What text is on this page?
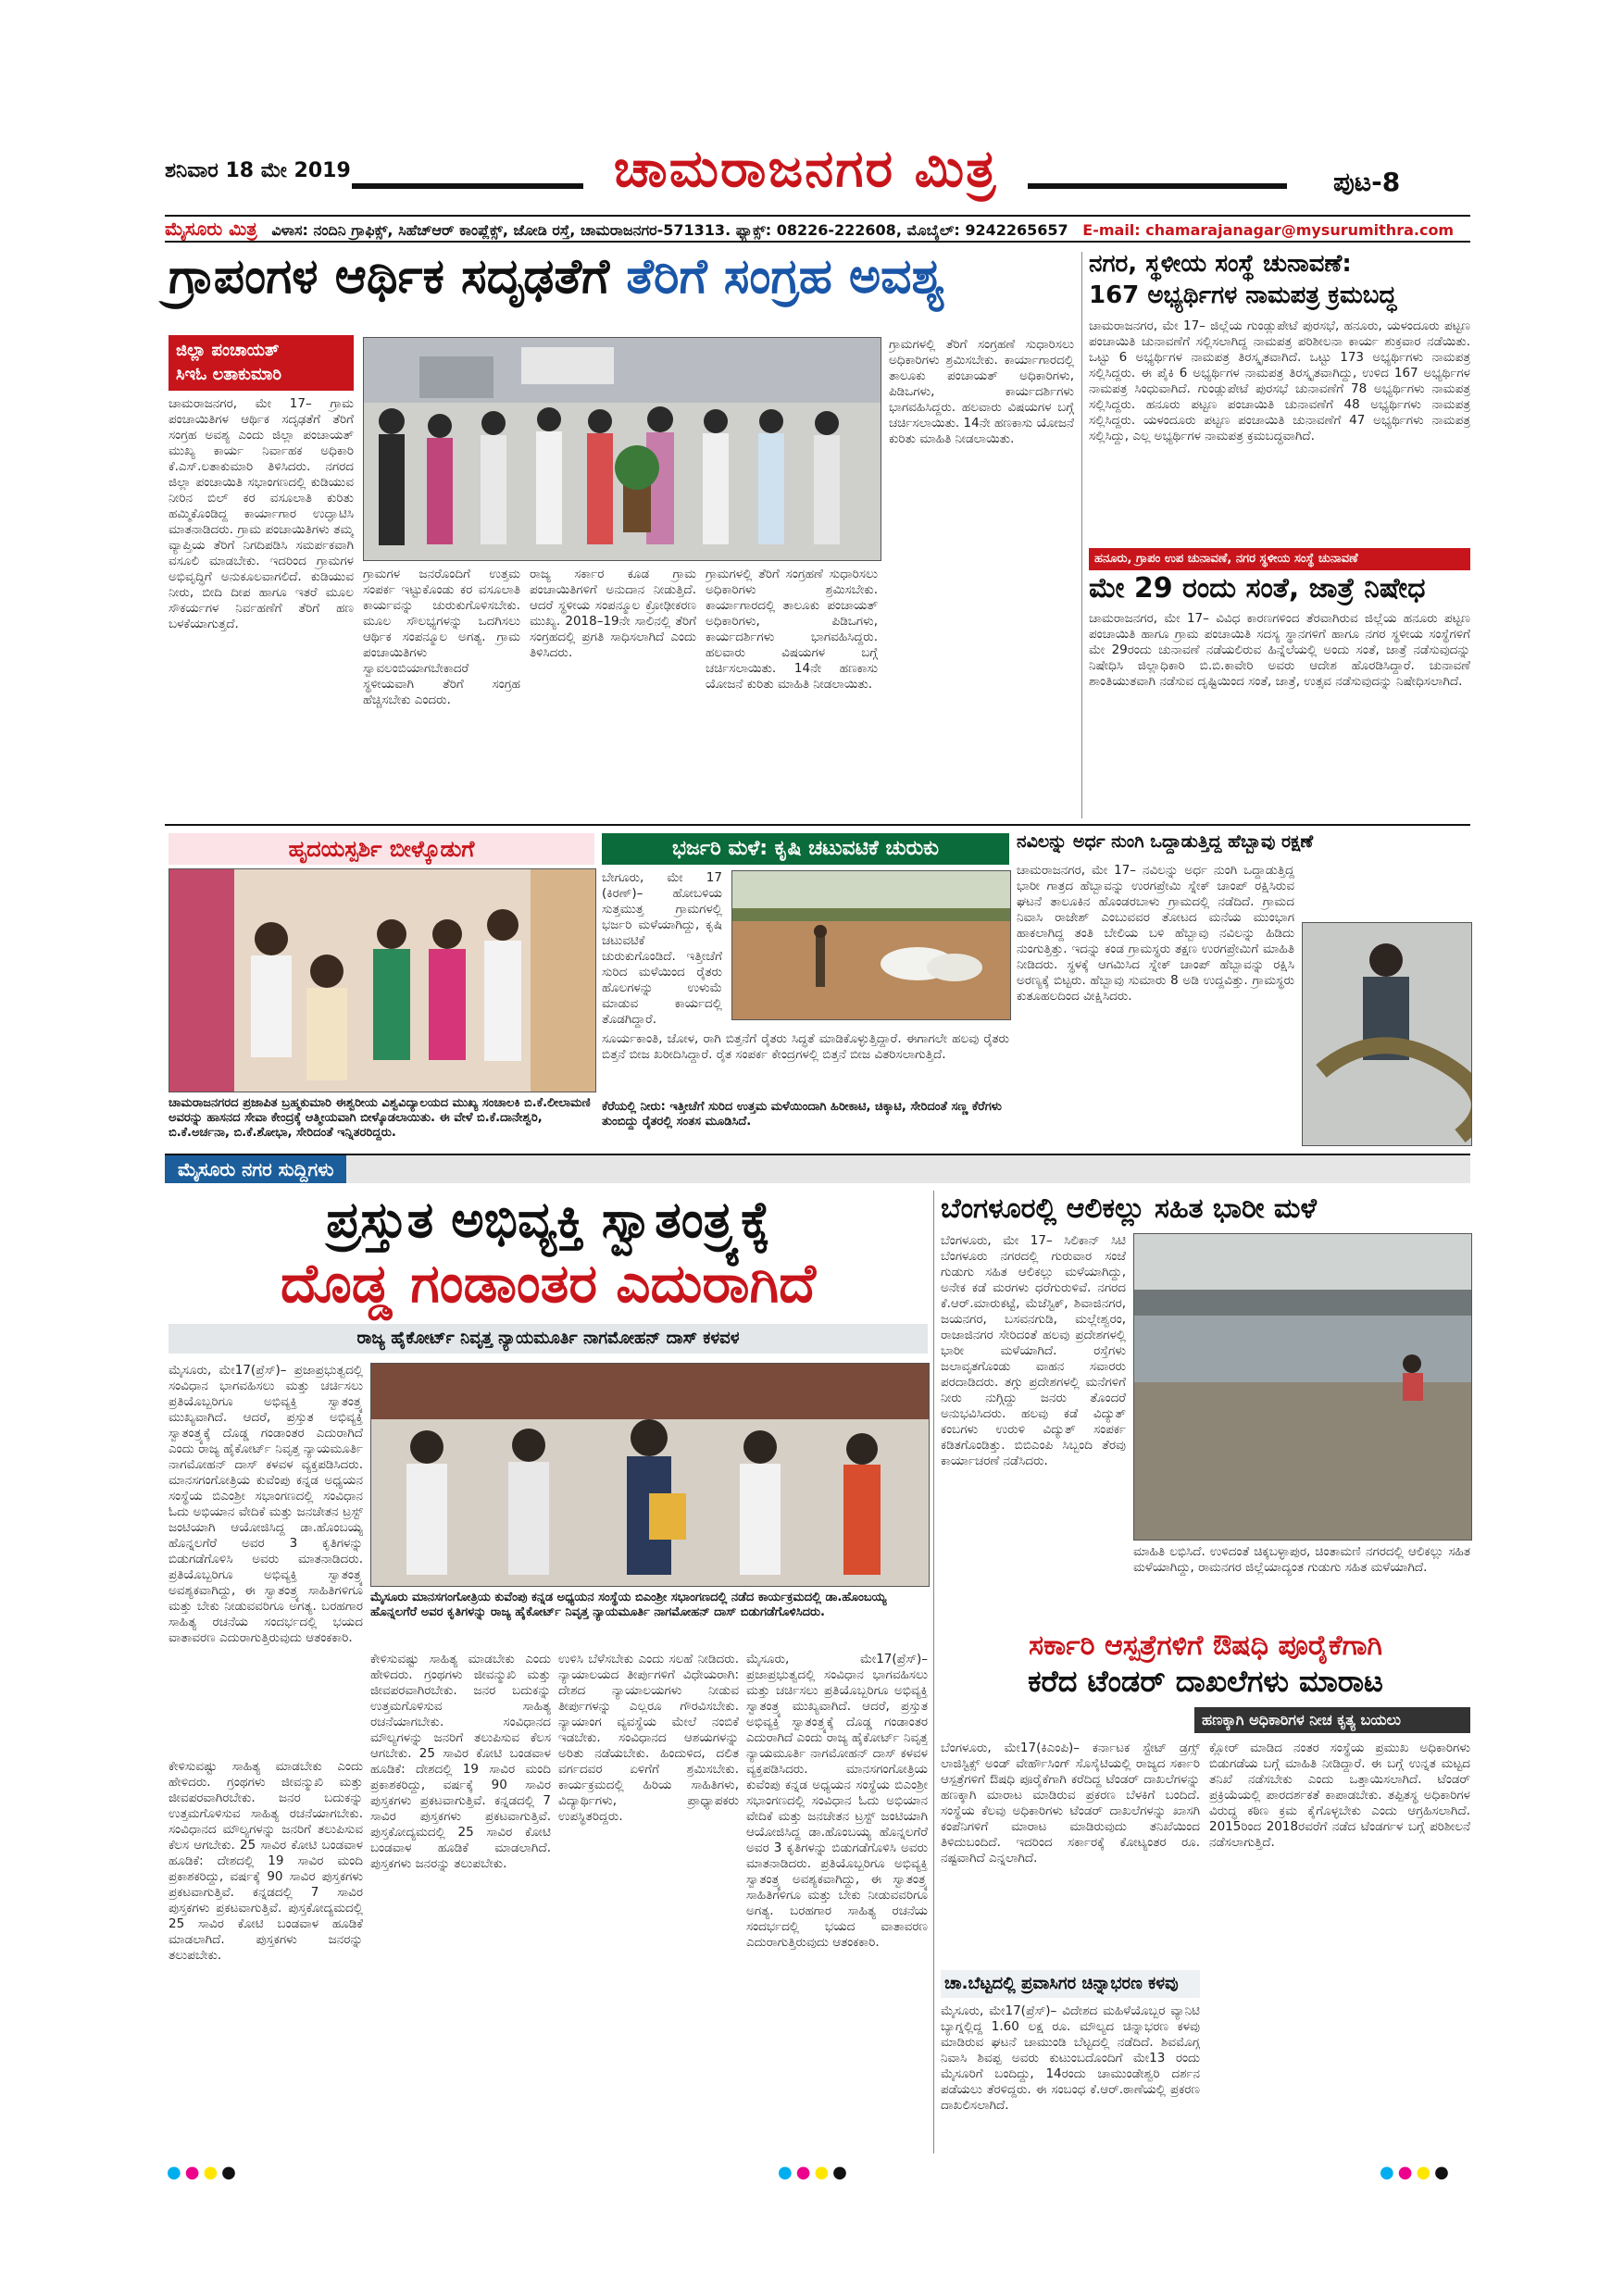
ಶನಿವಾರ 18 ಮೇ 2019	ಚಾಮರಾಜನಗರ ಮಿತ್ರ	ಪುಟ-8
ಮೈಸೂರು ಮಿತ್ರ ವಿಳಾಸ: ನಂದಿನಿ ಗ್ರಾಫಿಕ್ಸ್, ಸಿಹೆಚ್ಆರ್ ಕಾಂಪ್ಲೆಕ್ಸ್, ಜೋಡಿ ರಸ್ತೆ, ಚಾಮರಾಜನಗರ-571313. ಫ್ಯಾಕ್ಸ್: 08226-222608, ಮೊಬೈಲ್: 9242265657 E-mail: chamarajanagar@mysurumithra.com
ಗ್ರಾಪಂಗಳ ಆರ್ಥಿಕ ಸದೃಢತೆಗೆ ತೆರಿಗೆ ಸಂಗ್ರಹ ಅವಶ್ಯ
ಜಿಲ್ಲಾ ಪಂಚಾಯತ್
ಸಿಇಓ ಲತಾಕುಮಾರಿ
ಚಾಮರಾಜನಗರ, ಮೇ 17– ಗ್ರಾಮ ಪಂಚಾಯಿತಿಗಳ ಆರ್ಥಿಕ ಸದೃಢತೆಗೆ ತೆರಿಗೆ ಸಂಗ್ರಹ ಅವಶ್ಯ ಎಂದು ಜಿಲ್ಲಾ ಪಂಚಾಯತ್ ಮುಖ್ಯ ಕಾರ್ಯ ನಿರ್ವಾಹಕ ಅಧಿಕಾರಿ ಕೆ.ಎಸ್.ಲತಾಕುಮಾರಿ ತಿಳಿಸಿದರು. ನಗರದ ಜಿಲ್ಲಾ ಪಂಚಾಯಿತಿ ಸಭಾಂಗಣದಲ್ಲಿ ಕುಡಿಯುವ ನೀರಿನ ಬಿಲ್ ಕರ ವಸೂಲಾತಿ ಕುರಿತು ಹಮ್ಮಿಕೊಂಡಿದ್ದ ಕಾರ್ಯಾಗಾರ ಉದ್ಘಾಟಿಸಿ ಮಾತನಾಡಿದರು. ಗ್ರಾಮ ಪಂಚಾಯಿತಿಗಳು ತಮ್ಮ ವ್ಯಾಪ್ತಿಯ ತೆರಿಗೆ ನಿಗದಿಪಡಿಸಿ ಸಮರ್ಪಕವಾಗಿ ವಸೂಲಿ ಮಾಡಬೇಕು. ಇದರಿಂದ ಗ್ರಾಮಗಳ ಅಭಿವೃದ್ಧಿಗೆ ಅನುಕೂಲವಾಗಲಿದೆ. ಕುಡಿಯುವ ನೀರು, ಬೀದಿ ದೀಪ ಹಾಗೂ ಇತರೆ ಮೂಲ ಸೌಕರ್ಯಗಳ ನಿರ್ವಹಣೆಗೆ ತೆರಿಗೆ ಹಣ ಬಳಕೆಯಾಗುತ್ತದೆ.
ಗ್ರಾಮಗಳ ಜನರೊಂದಿಗೆ ಉತ್ತಮ ಸಂಪರ್ಕ ಇಟ್ಟುಕೊಂಡು ಕರ ವಸೂಲಾತಿ ಕಾರ್ಯವನ್ನು ಚುರುಕುಗೊಳಿಸಬೇಕು. ಮೂಲ ಸೌಲಭ್ಯಗಳನ್ನು ಒದಗಿಸಲು ಆರ್ಥಿಕ ಸಂಪನ್ಮೂಲ ಅಗತ್ಯ. ಗ್ರಾಮ ಪಂಚಾಯಿತಿಗಳು ಸ್ವಾವಲಂಬಿಯಾಗಬೇಕಾದರೆ ಸ್ಥಳೀಯವಾಗಿ ತೆರಿಗೆ ಸಂಗ್ರಹ ಹೆಚ್ಚಿಸಬೇಕು ಎಂದರು.
ರಾಜ್ಯ ಸರ್ಕಾರ ಕೂಡ ಗ್ರಾಮ ಪಂಚಾಯಿತಿಗಳಿಗೆ ಅನುದಾನ ನೀಡುತ್ತಿದೆ. ಆದರೆ ಸ್ಥಳೀಯ ಸಂಪನ್ಮೂಲ ಕ್ರೋಢೀಕರಣ ಮುಖ್ಯ. 2018–19ನೇ ಸಾಲಿನಲ್ಲಿ ತೆರಿಗೆ ಸಂಗ್ರಹದಲ್ಲಿ ಪ್ರಗತಿ ಸಾಧಿಸಲಾಗಿದೆ ಎಂದು ತಿಳಿಸಿದರು.
ಗ್ರಾಮಗಳಲ್ಲಿ ತೆರಿಗೆ ಸಂಗ್ರಹಣೆ ಸುಧಾರಿಸಲು ಅಧಿಕಾರಿಗಳು ಶ್ರಮಿಸಬೇಕು. ಕಾರ್ಯಾಗಾರದಲ್ಲಿ ತಾಲೂಕು ಪಂಚಾಯತ್ ಅಧಿಕಾರಿಗಳು, ಪಿಡಿಒಗಳು, ಕಾರ್ಯದರ್ಶಿಗಳು ಭಾಗವಹಿಸಿದ್ದರು. ಹಲವಾರು ವಿಷಯಗಳ ಬಗ್ಗೆ ಚರ್ಚಿಸಲಾಯಿತು. 14ನೇ ಹಣಕಾಸು ಯೋಜನೆ ಕುರಿತು ಮಾಹಿತಿ ನೀಡಲಾಯಿತು.
ಗ್ರಾಮಗಳಲ್ಲಿ ತೆರಿಗೆ ಸಂಗ್ರಹಣೆ ಸುಧಾರಿಸಲು ಅಧಿಕಾರಿಗಳು ಶ್ರಮಿಸಬೇಕು. ಕಾರ್ಯಾಗಾರದಲ್ಲಿ ತಾಲೂಕು ಪಂಚಾಯತ್ ಅಧಿಕಾರಿಗಳು, ಪಿಡಿಒಗಳು, ಕಾರ್ಯದರ್ಶಿಗಳು ಭಾಗವಹಿಸಿದ್ದರು. ಹಲವಾರು ವಿಷಯಗಳ ಬಗ್ಗೆ ಚರ್ಚಿಸಲಾಯಿತು. 14ನೇ ಹಣಕಾಸು ಯೋಜನೆ ಕುರಿತು ಮಾಹಿತಿ ನೀಡಲಾಯಿತು.
ನಗರ, ಸ್ಥಳೀಯ ಸಂಸ್ಥೆ ಚುನಾವಣೆ:
167 ಅಭ್ಯರ್ಥಿಗಳ ನಾಮಪತ್ರ ಕ್ರಮಬದ್ಧ
ಚಾಮರಾಜನಗರ, ಮೇ 17– ಜಿಲ್ಲೆಯ ಗುಂಡ್ಲುಪೇಟೆ ಪುರಸಭೆ, ಹನೂರು, ಯಳಂದೂರು ಪಟ್ಟಣ ಪಂಚಾಯಿತಿ ಚುನಾವಣೆಗೆ ಸಲ್ಲಿಸಲಾಗಿದ್ದ ನಾಮಪತ್ರ ಪರಿಶೀಲನಾ ಕಾರ್ಯ ಶುಕ್ರವಾರ ನಡೆಯಿತು. ಒಟ್ಟು 6 ಅಭ್ಯರ್ಥಿಗಳ ನಾಮಪತ್ರ ತಿರಸ್ಕೃತವಾಗಿದೆ. ಒಟ್ಟು 173 ಅಭ್ಯರ್ಥಿಗಳು ನಾಮಪತ್ರ ಸಲ್ಲಿಸಿದ್ದರು. ಈ ಪೈಕಿ 6 ಅಭ್ಯರ್ಥಿಗಳ ನಾಮಪತ್ರ ತಿರಸ್ಕೃತವಾಗಿದ್ದು, ಉಳಿದ 167 ಅಭ್ಯರ್ಥಿಗಳ ನಾಮಪತ್ರ ಸಿಂಧುವಾಗಿದೆ. ಗುಂಡ್ಲುಪೇಟೆ ಪುರಸಭೆ ಚುನಾವಣೆಗೆ 78 ಅಭ್ಯರ್ಥಿಗಳು ನಾಮಪತ್ರ ಸಲ್ಲಿಸಿದ್ದರು. ಹನೂರು ಪಟ್ಟಣ ಪಂಚಾಯಿತಿ ಚುನಾವಣೆಗೆ 48 ಅಭ್ಯರ್ಥಿಗಳು ನಾಮಪತ್ರ ಸಲ್ಲಿಸಿದ್ದರು. ಯಳಂದೂರು ಪಟ್ಟಣ ಪಂಚಾಯಿತಿ ಚುನಾವಣೆಗೆ 47 ಅಭ್ಯರ್ಥಿಗಳು ನಾಮಪತ್ರ ಸಲ್ಲಿಸಿದ್ದು, ಎಲ್ಲ ಅಭ್ಯರ್ಥಿಗಳ ನಾಮಪತ್ರ ಕ್ರಮಬದ್ಧವಾಗಿದೆ.
ಹನೂರು, ಗ್ರಾಪಂ ಉಪ ಚುನಾವಣೆ, ನಗರ ಸ್ಥಳೀಯ ಸಂಸ್ಥೆ ಚುನಾವಣೆ
ಮೇ 29 ರಂದು ಸಂತೆ, ಜಾತ್ರೆ ನಿಷೇಧ
ಚಾಮರಾಜನಗರ, ಮೇ 17– ವಿವಿಧ ಕಾರಣಗಳಿಂದ ತೆರವಾಗಿರುವ ಜಿಲ್ಲೆಯ ಹನೂರು ಪಟ್ಟಣ ಪಂಚಾಯಿತಿ ಹಾಗೂ ಗ್ರಾಮ ಪಂಚಾಯಿತಿ ಸದಸ್ಯ ಸ್ಥಾನಗಳಿಗೆ ಹಾಗೂ ನಗರ ಸ್ಥಳೀಯ ಸಂಸ್ಥೆಗಳಿಗೆ ಮೇ 29ರಂದು ಚುನಾವಣೆ ನಡೆಯಲಿರುವ ಹಿನ್ನೆಲೆಯಲ್ಲಿ ಅಂದು ಸಂತೆ, ಜಾತ್ರೆ ನಡೆಸುವುದನ್ನು ನಿಷೇಧಿಸಿ ಜಿಲ್ಲಾಧಿಕಾರಿ ಬಿ.ಬಿ.ಕಾವೇರಿ ಅವರು ಆದೇಶ ಹೊರಡಿಸಿದ್ದಾರೆ. ಚುನಾವಣೆ ಶಾಂತಿಯುತವಾಗಿ ನಡೆಸುವ ದೃಷ್ಟಿಯಿಂದ ಸಂತೆ, ಜಾತ್ರೆ, ಉತ್ಸವ ನಡೆಸುವುದನ್ನು ನಿಷೇಧಿಸಲಾಗಿದೆ.
ಹೃದಯಸ್ಪರ್ಶಿ ಬೀಳ್ಕೊಡುಗೆ
ಚಾಮರಾಜನಗರದ ಪ್ರಜಾಪಿತ ಬ್ರಹ್ಮಕುಮಾರಿ ಈಶ್ವರೀಯ ವಿಶ್ವವಿದ್ಯಾಲಯದ ಮುಖ್ಯ ಸಂಚಾಲಕಿ ಬಿ.ಕೆ.ಲೀಲಾಮಣಿ ಅವರನ್ನು ಹಾಸನದ ಸೇವಾ ಕೇಂದ್ರಕ್ಕೆ ಆತ್ಮೀಯವಾಗಿ ಬೀಳ್ಕೊಡಲಾಯಿತು. ಈ ವೇಳೆ ಬಿ.ಕೆ.ದಾನೇಶ್ವರಿ, ಬಿ.ಕೆ.ಅರ್ಚನಾ, ಬಿ.ಕೆ.ಶೋಭಾ, ಸೇರಿದಂತೆ ಇನ್ನಿತರರಿದ್ದರು.
ಭರ್ಜರಿ ಮಳೆ: ಕೃಷಿ ಚಟುವಟಿಕೆ ಚುರುಕು
ಬೇಗೂರು, ಮೇ 17 (ಕಿರಣ್)– ಹೋಬಳಿಯ ಸುತ್ತಮುತ್ತ ಗ್ರಾಮಗಳಲ್ಲಿ ಭರ್ಜರಿ ಮಳೆಯಾಗಿದ್ದು, ಕೃಷಿ ಚಟುವಟಿಕೆ ಚುರುಕುಗೊಂಡಿದೆ. ಇತ್ತೀಚೆಗೆ ಸುರಿದ ಮಳೆಯಿಂದ ರೈತರು ಹೊಲಗಳನ್ನು ಉಳುಮೆ ಮಾಡುವ ಕಾರ್ಯದಲ್ಲಿ ತೊಡಗಿದ್ದಾರೆ.
ಸೂರ್ಯಕಾಂತಿ, ಜೋಳ, ರಾಗಿ ಬಿತ್ತನೆಗೆ ರೈತರು ಸಿದ್ಧತೆ ಮಾಡಿಕೊಳ್ಳುತ್ತಿದ್ದಾರೆ. ಈಗಾಗಲೇ ಹಲವು ರೈತರು ಬಿತ್ತನೆ ಬೀಜ ಖರೀದಿಸಿದ್ದಾರೆ. ರೈತ ಸಂಪರ್ಕ ಕೇಂದ್ರಗಳಲ್ಲಿ ಬಿತ್ತನೆ ಬೀಜ ವಿತರಿಸಲಾಗುತ್ತಿದೆ.
ಕೆರೆಯಲ್ಲಿ ನೀರು: ಇತ್ತೀಚೆಗೆ ಸುರಿದ ಉತ್ತಮ ಮಳೆಯಿಂದಾಗಿ ಹಿರೀಕಾಟಿ, ಚಿಕ್ಕಾಟಿ, ಸೇರಿದಂತೆ ಸಣ್ಣ ಕೆರೆಗಳು ತುಂಬಿದ್ದು ರೈತರಲ್ಲಿ ಸಂತಸ ಮೂಡಿಸಿದೆ.
ನವಿಲನ್ನು ಅರ್ಧ ನುಂಗಿ ಒದ್ದಾಡುತ್ತಿದ್ದ ಹೆಬ್ಬಾವು ರಕ್ಷಣೆ
ಚಾಮರಾಜನಗರ, ಮೇ 17– ನವಿಲನ್ನು ಅರ್ಧ ನುಂಗಿ ಒದ್ದಾಡುತ್ತಿದ್ದ ಭಾರೀ ಗಾತ್ರದ ಹೆಬ್ಬಾವನ್ನು ಉರಗಪ್ರೇಮಿ ಸ್ನೇಕ್ ಚಾಂಪ್ ರಕ್ಷಿಸಿರುವ ಘಟನೆ ತಾಲೂಕಿನ ಹೊಂಡರಬಾಳು ಗ್ರಾಮದಲ್ಲಿ ನಡೆದಿದೆ. ಗ್ರಾಮದ ನಿವಾಸಿ ರಾಜೇಶ್ ಎಂಬುವವರ ತೋಟದ ಮನೆಯ ಮುಂಭಾಗ ಹಾಕಲಾಗಿದ್ದ ತಂತಿ ಬೇಲಿಯ ಬಳಿ ಹೆಬ್ಬಾವು ನವಿಲನ್ನು ಹಿಡಿದು ನುಂಗುತ್ತಿತ್ತು. ಇದನ್ನು ಕಂಡ ಗ್ರಾಮಸ್ಥರು ತಕ್ಷಣ ಉರಗಪ್ರೇಮಿಗೆ ಮಾಹಿತಿ ನೀಡಿದರು. ಸ್ಥಳಕ್ಕೆ ಆಗಮಿಸಿದ ಸ್ನೇಕ್ ಚಾಂಪ್ ಹೆಬ್ಬಾವನ್ನು ರಕ್ಷಿಸಿ ಅರಣ್ಯಕ್ಕೆ ಬಿಟ್ಟರು. ಹೆಬ್ಬಾವು ಸುಮಾರು 8 ಅಡಿ ಉದ್ದವಿತ್ತು. ಗ್ರಾಮಸ್ಥರು ಕುತೂಹಲದಿಂದ ವೀಕ್ಷಿಸಿದರು.
ಮೈಸೂರು ನಗರ ಸುದ್ದಿಗಳು
ಪ್ರಸ್ತುತ ಅಭಿವ್ಯಕ್ತಿ ಸ್ವಾತಂತ್ರ್ಯಕ್ಕೆ
ದೊಡ್ಡ ಗಂಡಾಂತರ ಎದುರಾಗಿದೆ
ರಾಜ್ಯ ಹೈಕೋರ್ಟ್ ನಿವೃತ್ತ ನ್ಯಾಯಮೂರ್ತಿ ನಾಗಮೋಹನ್ ದಾಸ್ ಕಳವಳ
ಮೈಸೂರು, ಮೇ17(ಪ್ರೆಸ್)– ಪ್ರಜಾಪ್ರಭುತ್ವದಲ್ಲಿ ಸಂವಿಧಾನ ಭಾಗವಹಿಸಲು ಮತ್ತು ಚರ್ಚಿಸಲು ಪ್ರತಿಯೊಬ್ಬರಿಗೂ ಅಭಿವ್ಯಕ್ತಿ ಸ್ವಾತಂತ್ರ್ಯ ಮುಖ್ಯವಾಗಿದೆ. ಆದರೆ, ಪ್ರಸ್ತುತ ಅಭಿವ್ಯಕ್ತಿ ಸ್ವಾತಂತ್ರ್ಯಕ್ಕೆ ದೊಡ್ಡ ಗಂಡಾಂತರ ಎದುರಾಗಿದೆ ಎಂದು ರಾಜ್ಯ ಹೈಕೋರ್ಟ್ ನಿವೃತ್ತ ನ್ಯಾಯಮೂರ್ತಿ ನಾಗಮೋಹನ್ ದಾಸ್ ಕಳವಳ ವ್ಯಕ್ತಪಡಿಸಿದರು. ಮಾನಸಗಂಗೋತ್ರಿಯ ಕುವೆಂಪು ಕನ್ನಡ ಅಧ್ಯಯನ ಸಂಸ್ಥೆಯ ಬಿಎಂಶ್ರೀ ಸಭಾಂಗಣದಲ್ಲಿ ಸಂವಿಧಾನ ಓದು ಅಭಿಯಾನ ವೇದಿಕೆ ಮತ್ತು ಜನಚೇತನ ಟ್ರಸ್ಟ್ ಜಂಟಿಯಾಗಿ ಆಯೋಜಿಸಿದ್ದ ಡಾ.ಹೊಂಬಯ್ಯ ಹೊನ್ನಲಗೆರೆ ಅವರ 3 ಕೃತಿಗಳನ್ನು ಬಿಡುಗಡೆಗೊಳಿಸಿ ಅವರು ಮಾತನಾಡಿದರು. ಪ್ರತಿಯೊಬ್ಬರಿಗೂ ಅಭಿವ್ಯಕ್ತಿ ಸ್ವಾತಂತ್ರ್ಯ ಅವಶ್ಯಕವಾಗಿದ್ದು, ಈ ಸ್ವಾತಂತ್ರ್ಯ ಸಾಹಿತಿಗಳಿಗೂ ಮತ್ತು ಬೇಕು ನೀಡುವವರಿಗೂ ಅಗತ್ಯ. ಬರಹಗಾರ ಸಾಹಿತ್ಯ ರಚನೆಯ ಸಂದರ್ಭದಲ್ಲಿ ಭಯದ ವಾತಾವರಣ ಎದುರಾಗುತ್ತಿರುವುದು ಆತಂಕಕಾರಿ.
ಮೈಸೂರು ಮಾನಸಗಂಗೋತ್ರಿಯ ಕುವೆಂಪು ಕನ್ನಡ ಅಧ್ಯಯನ ಸಂಸ್ಥೆಯ ಬಿಎಂಶ್ರೀ ಸಭಾಂಗಣದಲ್ಲಿ ನಡೆದ ಕಾರ್ಯಕ್ರಮದಲ್ಲಿ ಡಾ.ಹೊಂಬಯ್ಯ ಹೊನ್ನಲಗೆರೆ ಅವರ ಕೃತಿಗಳನ್ನು ರಾಜ್ಯ ಹೈಕೋರ್ಟ್ ನಿವೃತ್ತ ನ್ಯಾಯಮೂರ್ತಿ ನಾಗಮೋಹನ್ ದಾಸ್ ಬಿಡುಗಡೆಗೊಳಿಸಿದರು.
ಕೇಳಿಸುವಷ್ಟು ಸಾಹಿತ್ಯ ಮಾಡಬೇಕು ಎಂದು ಹೇಳಿದರು. ಗ್ರಂಥಗಳು ಜೀವನ್ಮುಖಿ ಮತ್ತು ಜೀವಪರವಾಗಿರಬೇಕು. ಜನರ ಬದುಕನ್ನು ಉತ್ತಮಗೊಳಿಸುವ ಸಾಹಿತ್ಯ ರಚನೆಯಾಗಬೇಕು. ಸಂವಿಧಾನದ ಮೌಲ್ಯಗಳನ್ನು ಜನರಿಗೆ ತಲುಪಿಸುವ ಕೆಲಸ ಆಗಬೇಕು. 25 ಸಾವಿರ ಕೋಟಿ ಬಂಡವಾಳ ಹೂಡಿಕೆ: ದೇಶದಲ್ಲಿ 19 ಸಾವಿರ ಮಂದಿ ಪ್ರಕಾಶಕರಿದ್ದು, ವರ್ಷಕ್ಕೆ 90 ಸಾವಿರ ಪುಸ್ತಕಗಳು ಪ್ರಕಟವಾಗುತ್ತಿವೆ. ಕನ್ನಡದಲ್ಲಿ 7 ಸಾವಿರ ಪುಸ್ತಕಗಳು ಪ್ರಕಟವಾಗುತ್ತಿವೆ. ಪುಸ್ತಕೋದ್ಯಮದಲ್ಲಿ 25 ಸಾವಿರ ಕೋಟಿ ಬಂಡವಾಳ ಹೂಡಿಕೆ ಮಾಡಲಾಗಿದೆ. ಪುಸ್ತಕಗಳು ಜನರನ್ನು ತಲುಪಬೇಕು.
ಉಳಿಸಿ ಬೆಳೆಸಬೇಕು ಎಂದು ಸಲಹೆ ನೀಡಿದರು. ನ್ಯಾಯಾಲಯದ ತೀರ್ಪುಗಳಿಗೆ ವಿಧೇಯರಾಗಿ: ದೇಶದ ನ್ಯಾಯಾಲಯಗಳು ನೀಡುವ ತೀರ್ಪುಗಳನ್ನು ಎಲ್ಲರೂ ಗೌರವಿಸಬೇಕು. ನ್ಯಾಯಾಂಗ ವ್ಯವಸ್ಥೆಯ ಮೇಲೆ ನಂಬಿಕೆ ಇಡಬೇಕು. ಸಂವಿಧಾನದ ಆಶಯಗಳನ್ನು ಅರಿತು ನಡೆಯಬೇಕು. ಹಿಂದುಳಿದ, ದಲಿತ ವರ್ಗದವರ ಏಳಿಗೆಗೆ ಶ್ರಮಿಸಬೇಕು. ಕಾರ್ಯಕ್ರಮದಲ್ಲಿ ಹಿರಿಯ ಸಾಹಿತಿಗಳು, ವಿದ್ಯಾರ್ಥಿಗಳು, ಪ್ರಾಧ್ಯಾಪಕರು ಉಪಸ್ಥಿತರಿದ್ದರು.
ಮೈಸೂರು, ಮೇ17(ಪ್ರೆಸ್)– ಪ್ರಜಾಪ್ರಭುತ್ವದಲ್ಲಿ ಸಂವಿಧಾನ ಭಾಗವಹಿಸಲು ಮತ್ತು ಚರ್ಚಿಸಲು ಪ್ರತಿಯೊಬ್ಬರಿಗೂ ಅಭಿವ್ಯಕ್ತಿ ಸ್ವಾತಂತ್ರ್ಯ ಮುಖ್ಯವಾಗಿದೆ. ಆದರೆ, ಪ್ರಸ್ತುತ ಅಭಿವ್ಯಕ್ತಿ ಸ್ವಾತಂತ್ರ್ಯಕ್ಕೆ ದೊಡ್ಡ ಗಂಡಾಂತರ ಎದುರಾಗಿದೆ ಎಂದು ರಾಜ್ಯ ಹೈಕೋರ್ಟ್ ನಿವೃತ್ತ ನ್ಯಾಯಮೂರ್ತಿ ನಾಗಮೋಹನ್ ದಾಸ್ ಕಳವಳ ವ್ಯಕ್ತಪಡಿಸಿದರು. ಮಾನಸಗಂಗೋತ್ರಿಯ ಕುವೆಂಪು ಕನ್ನಡ ಅಧ್ಯಯನ ಸಂಸ್ಥೆಯ ಬಿಎಂಶ್ರೀ ಸಭಾಂಗಣದಲ್ಲಿ ಸಂವಿಧಾನ ಓದು ಅಭಿಯಾನ ವೇದಿಕೆ ಮತ್ತು ಜನಚೇತನ ಟ್ರಸ್ಟ್ ಜಂಟಿಯಾಗಿ ಆಯೋಜಿಸಿದ್ದ ಡಾ.ಹೊಂಬಯ್ಯ ಹೊನ್ನಲಗೆರೆ ಅವರ 3 ಕೃತಿಗಳನ್ನು ಬಿಡುಗಡೆಗೊಳಿಸಿ ಅವರು ಮಾತನಾಡಿದರು. ಪ್ರತಿಯೊಬ್ಬರಿಗೂ ಅಭಿವ್ಯಕ್ತಿ ಸ್ವಾತಂತ್ರ್ಯ ಅವಶ್ಯಕವಾಗಿದ್ದು, ಈ ಸ್ವಾತಂತ್ರ್ಯ ಸಾಹಿತಿಗಳಿಗೂ ಮತ್ತು ಬೇಕು ನೀಡುವವರಿಗೂ ಅಗತ್ಯ. ಬರಹಗಾರ ಸಾಹಿತ್ಯ ರಚನೆಯ ಸಂದರ್ಭದಲ್ಲಿ ಭಯದ ವಾತಾವರಣ ಎದುರಾಗುತ್ತಿರುವುದು ಆತಂಕಕಾರಿ.
ಕೇಳಿಸುವಷ್ಟು ಸಾಹಿತ್ಯ ಮಾಡಬೇಕು ಎಂದು ಹೇಳಿದರು. ಗ್ರಂಥಗಳು ಜೀವನ್ಮುಖಿ ಮತ್ತು ಜೀವಪರವಾಗಿರಬೇಕು. ಜನರ ಬದುಕನ್ನು ಉತ್ತಮಗೊಳಿಸುವ ಸಾಹಿತ್ಯ ರಚನೆಯಾಗಬೇಕು. ಸಂವಿಧಾನದ ಮೌಲ್ಯಗಳನ್ನು ಜನರಿಗೆ ತಲುಪಿಸುವ ಕೆಲಸ ಆಗಬೇಕು. 25 ಸಾವಿರ ಕೋಟಿ ಬಂಡವಾಳ ಹೂಡಿಕೆ: ದೇಶದಲ್ಲಿ 19 ಸಾವಿರ ಮಂದಿ ಪ್ರಕಾಶಕರಿದ್ದು, ವರ್ಷಕ್ಕೆ 90 ಸಾವಿರ ಪುಸ್ತಕಗಳು ಪ್ರಕಟವಾಗುತ್ತಿವೆ. ಕನ್ನಡದಲ್ಲಿ 7 ಸಾವಿರ ಪುಸ್ತಕಗಳು ಪ್ರಕಟವಾಗುತ್ತಿವೆ. ಪುಸ್ತಕೋದ್ಯಮದಲ್ಲಿ 25 ಸಾವಿರ ಕೋಟಿ ಬಂಡವಾಳ ಹೂಡಿಕೆ ಮಾಡಲಾಗಿದೆ. ಪುಸ್ತಕಗಳು ಜನರನ್ನು ತಲುಪಬೇಕು.
ಬೆಂಗಳೂರಲ್ಲಿ ಆಲಿಕಲ್ಲು ಸಹಿತ ಭಾರೀ ಮಳೆ
ಬೆಂಗಳೂರು, ಮೇ 17– ಸಿಲಿಕಾನ್ ಸಿಟಿ ಬೆಂಗಳೂರು ನಗರದಲ್ಲಿ ಗುರುವಾರ ಸಂಜೆ ಗುಡುಗು ಸಹಿತ ಆಲಿಕಲ್ಲು ಮಳೆಯಾಗಿದ್ದು, ಅನೇಕ ಕಡೆ ಮರಗಳು ಧರೆಗುರುಳಿವೆ. ನಗರದ ಕೆ.ಆರ್.ಮಾರುಕಟ್ಟೆ, ಮೆಜೆಸ್ಟಿಕ್, ಶಿವಾಜಿನಗರ, ಜಯನಗರ, ಬಸವನಗುಡಿ, ಮಲ್ಲೇಶ್ವರಂ, ರಾಜಾಜಿನಗರ ಸೇರಿದಂತೆ ಹಲವು ಪ್ರದೇಶಗಳಲ್ಲಿ ಭಾರೀ ಮಳೆಯಾಗಿದೆ. ರಸ್ತೆಗಳು ಜಲಾವೃತಗೊಂಡು ವಾಹನ ಸವಾರರು ಪರದಾಡಿದರು. ತಗ್ಗು ಪ್ರದೇಶಗಳಲ್ಲಿ ಮನೆಗಳಿಗೆ ನೀರು ನುಗ್ಗಿದ್ದು ಜನರು ತೊಂದರೆ ಅನುಭವಿಸಿದರು. ಹಲವು ಕಡೆ ವಿದ್ಯುತ್ ಕಂಬಗಳು ಉರುಳಿ ವಿದ್ಯುತ್ ಸಂಪರ್ಕ ಕಡಿತಗೊಂಡಿತ್ತು. ಬಿಬಿಎಂಪಿ ಸಿಬ್ಬಂದಿ ತೆರವು ಕಾರ್ಯಾಚರಣೆ ನಡೆಸಿದರು.
ಮಾಹಿತಿ ಲಭಿಸಿದೆ. ಉಳಿದಂತೆ ಚಿಕ್ಕಬಳ್ಳಾಪುರ, ಚಿಂತಾಮಣಿ ನಗರದಲ್ಲಿ ಆಲಿಕಲ್ಲು ಸಹಿತ ಮಳೆಯಾಗಿದ್ದು, ರಾಮನಗರ ಜಿಲ್ಲೆಯಾದ್ಯಂತ ಗುಡುಗು ಸಹಿತ ಮಳೆಯಾಗಿದೆ.
ಸರ್ಕಾರಿ ಆಸ್ಪತ್ರೆಗಳಿಗೆ ಔಷಧಿ ಪೂರೈಕೆಗಾಗಿ
ಕರೆದ ಟೆಂಡರ್ ದಾಖಲೆಗಳು ಮಾರಾಟ
ಹಣಕ್ಕಾಗಿ ಅಧಿಕಾರಿಗಳ ನೀಚ ಕೃತ್ಯ ಬಯಲು
ಬೆಂಗಳೂರು, ಮೇ17(ಕಿಎಂಪಿ)– ಕರ್ನಾಟಕ ಸ್ಟೇಟ್ ಡ್ರಗ್ಸ್ ಲಾಜಿಸ್ಟಿಕ್ಸ್ ಅಂಡ್ ವೇರ್ಹೌಸಿಂಗ್ ಸೊಸೈಟಿಯಲ್ಲಿ ರಾಜ್ಯದ ಸರ್ಕಾರಿ ಆಸ್ಪತ್ರೆಗಳಿಗೆ ಔಷಧಿ ಪೂರೈಕೆಗಾಗಿ ಕರೆದಿದ್ದ ಟೆಂಡರ್ ದಾಖಲೆಗಳನ್ನು ಹಣಕ್ಕಾಗಿ ಮಾರಾಟ ಮಾಡಿರುವ ಪ್ರಕರಣ ಬೆಳಕಿಗೆ ಬಂದಿದೆ. ಸಂಸ್ಥೆಯ ಕೆಲವು ಅಧಿಕಾರಿಗಳು ಟೆಂಡರ್ ದಾಖಲೆಗಳನ್ನು ಖಾಸಗಿ ಕಂಪೆನಿಗಳಿಗೆ ಮಾರಾಟ ಮಾಡಿರುವುದು ತನಿಖೆಯಿಂದ ತಿಳಿದುಬಂದಿದೆ. ಇದರಿಂದ ಸರ್ಕಾರಕ್ಕೆ ಕೋಟ್ಯಂತರ ರೂ. ನಷ್ಟವಾಗಿದೆ ಎನ್ನಲಾಗಿದೆ.
ಕ್ಲೋರ್ ಮಾಡಿದ ನಂತರ ಸಂಸ್ಥೆಯ ಪ್ರಮುಖ ಅಧಿಕಾರಿಗಳು ಬಿಡುಗಡೆಯ ಬಗ್ಗೆ ಮಾಹಿತಿ ನೀಡಿದ್ದಾರೆ. ಈ ಬಗ್ಗೆ ಉನ್ನತ ಮಟ್ಟದ ತನಿಖೆ ನಡೆಸಬೇಕು ಎಂದು ಒತ್ತಾಯಿಸಲಾಗಿದೆ. ಟೆಂಡರ್ ಪ್ರಕ್ರಿಯೆಯಲ್ಲಿ ಪಾರದರ್ಶಕತೆ ಕಾಪಾಡಬೇಕು. ತಪ್ಪಿತಸ್ಥ ಅಧಿಕಾರಿಗಳ ವಿರುದ್ಧ ಕಠಿಣ ಕ್ರಮ ಕೈಗೊಳ್ಳಬೇಕು ಎಂದು ಆಗ್ರಹಿಸಲಾಗಿದೆ. 2015ರಿಂದ 2018ರವರೆಗೆ ನಡೆದ ಟೆಂಡರ್ಗಳ ಬಗ್ಗೆ ಪರಿಶೀಲನೆ ನಡೆಸಲಾಗುತ್ತಿದೆ.
ಚಾ.ಬೆಟ್ಟದಲ್ಲಿ ಪ್ರವಾಸಿಗರ ಚಿನ್ನಾಭರಣ ಕಳವು
ಮೈಸೂರು, ಮೇ17(ಪ್ರೆಸ್)– ವಿದೇಶದ ಮಹಿಳೆಯೊಬ್ಬರ ವ್ಯಾನಿಟಿ ಬ್ಯಾಗ್ನಲ್ಲಿದ್ದ 1.60 ಲಕ್ಷ ರೂ. ಮೌಲ್ಯದ ಚಿನ್ನಾಭರಣ ಕಳವು ಮಾಡಿರುವ ಘಟನೆ ಚಾಮುಂಡಿ ಬೆಟ್ಟದಲ್ಲಿ ನಡೆದಿದೆ. ಶಿವಮೊಗ್ಗ ನಿವಾಸಿ ಶಿವಪ್ಪ ಅವರು ಕುಟುಂಬದೊಂದಿಗೆ ಮೇ13 ರಂದು ಮೈಸೂರಿಗೆ ಬಂದಿದ್ದು, 14ರಂದು ಚಾಮುಂಡೇಶ್ವರಿ ದರ್ಶನ ಪಡೆಯಲು ತೆರಳಿದ್ದರು. ಈ ಸಂಬಂಧ ಕೆ.ಆರ್.ಠಾಣೆಯಲ್ಲಿ ಪ್ರಕರಣ ದಾಖಲಿಸಲಾಗಿದೆ.
●●●●	●●●●	●●●●
